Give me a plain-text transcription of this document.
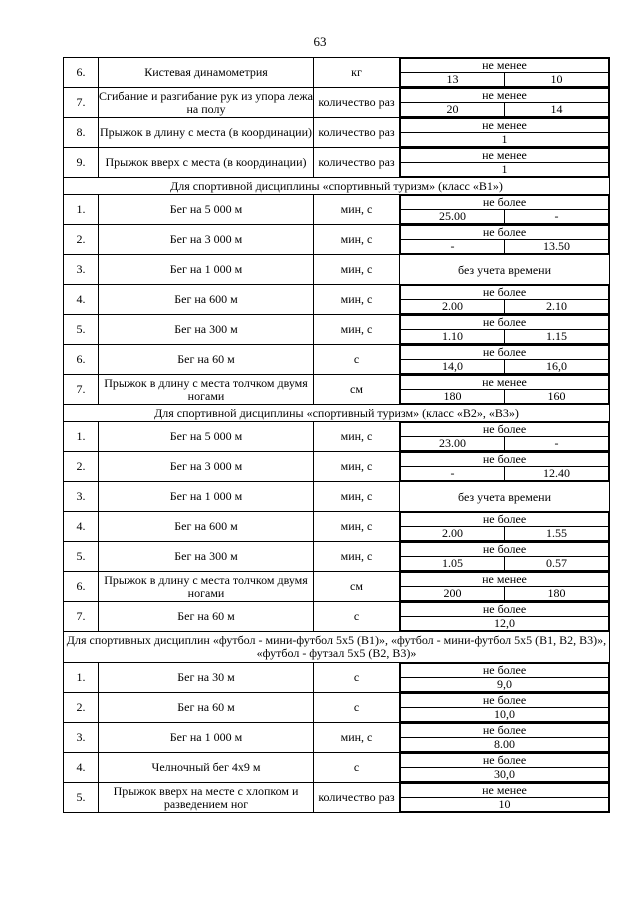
63
6.	Кистевая динамометрия	кг		не менее
13	10

7.	Сгибание и разгибание рук из упора лежа на полу	количество раз		не менее
20	14

8.	Прыжок в длину с места (в координации)	количество раз		не менее
1

9.	Прыжок вверх с места (в координации)	количество раз		не менее
1

Для спортивной дисциплины «спортивный туризм» (класс «В1»)
1.	Бег на 5 000 м	мин, с		не более
25.00	-

2.	Бег на 3 000 м	мин, с		не более
-	13.50

3.	Бег на 1 000 м	мин, с	без учета времени

4.	Бег на 600 м	мин, с		не более
2.00	2.10

5.	Бег на 300 м	мин, с		не более
1.10	1.15

6.	Бег на 60 м	с		не более
14,0	16,0

7.	Прыжок в длину с места толчком двумя ногами	см		не менее
180	160

Для спортивной дисциплины «спортивный туризм» (класс «В2», «В3»)
1.	Бег на 5 000 м	мин, с		не более
23.00	-

2.	Бег на 3 000 м	мин, с		не более
-	12.40

3.	Бег на 1 000 м	мин, с	без учета времени

4.	Бег на 600 м	мин, с		не более
2.00	1.55

5.	Бег на 300 м	мин, с		не более
1.05	0.57

6.	Прыжок в длину с места толчком двумя ногами	см		не менее
200	180

7.	Бег на 60 м	с		не более
12,0

Для спортивных дисциплин «футбол - мини-футбол 5х5 (В1)», «футбол - мини-футбол 5х5 (В1, В2, В3)», «футбол - футзал 5х5 (В2, В3)»
1.	Бег на 30 м	с		не более
9,0

2.	Бег на 60 м	с		не более
10,0

3.	Бег на 1 000 м	мин, с		не более
8.00

4.	Челночный бег 4х9 м	с		не более
30,0

5.	Прыжок вверх на месте с хлопком и разведением ног	количество раз		не менее
10
